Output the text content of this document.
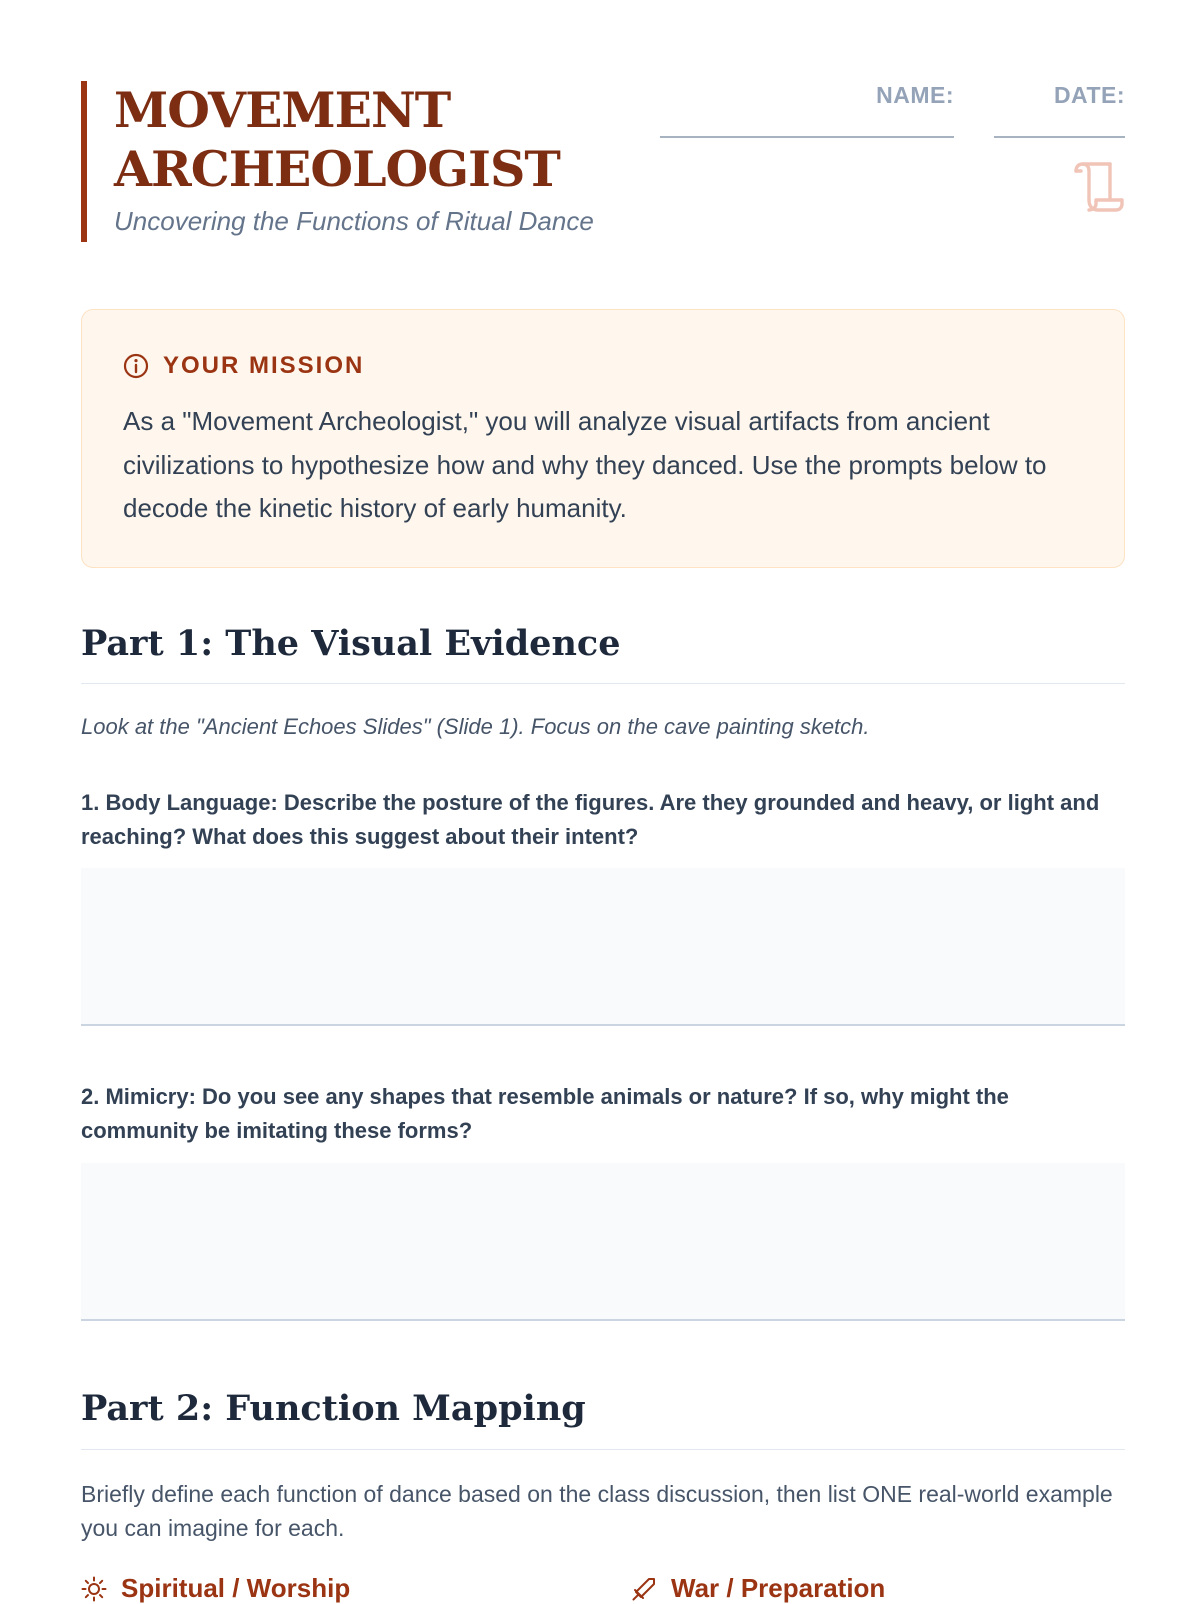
MOVEMENT
ARCHEOLOGIST

Uncovering the Functions of Ritual Dance

NAME:	DATE:
YOUR MISSION

As a "Movement Archeologist," you will analyze visual artifacts from ancient civilizations to hypothesize how and why they danced. Use the prompts below to decode the kinetic history of early humanity.

Part 1: The Visual Evidence

Look at the "Ancient Echoes Slides" (Slide 1). Focus on the cave painting sketch.

1. Body Language: Describe the posture of the figures. Are they grounded and heavy, or light and reaching? What does this suggest about their intent?

2. Mimicry: Do you see any shapes that resemble animals or nature? If so, why might the community be imitating these forms?

Part 2: Function Mapping

Briefly define each function of dance based on the class discussion, then list ONE real-world example you can imagine for each.

Spiritual / Worship	War / Preparation
